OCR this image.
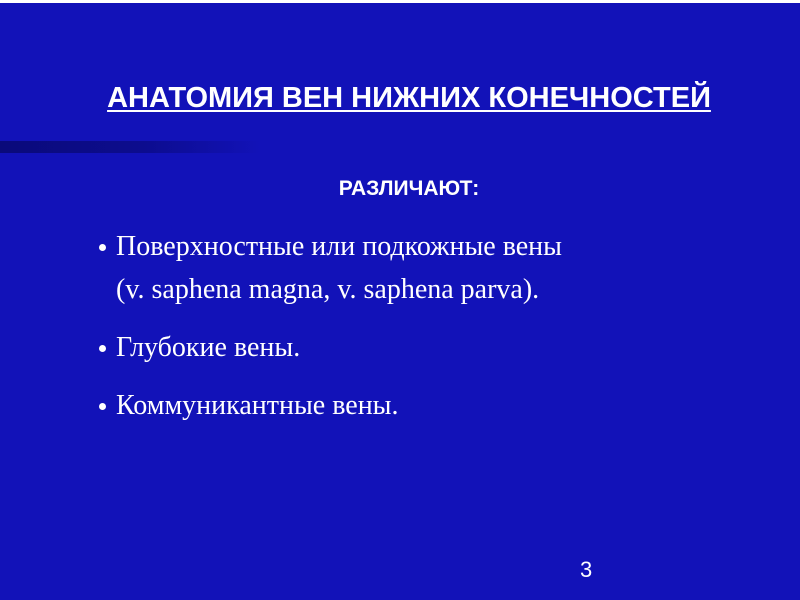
АНАТОМИЯ ВЕН НИЖНИХ КОНЕЧНОСТЕЙ
РАЗЛИЧАЮТ:
Поверхностные или подкожные вены
(v. saphena magna, v. saphena parva).
Глубокие вены.
Коммуникантные вены.
3
